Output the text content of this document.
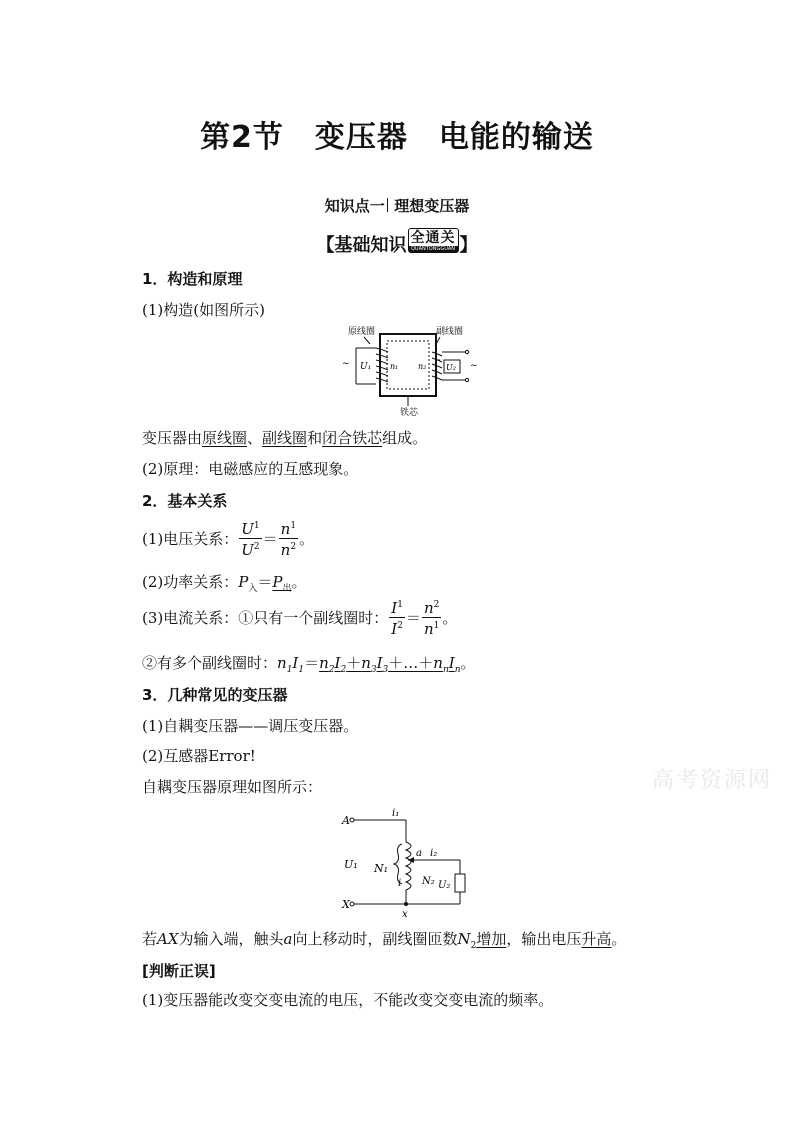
第2节　变压器　电能的输送
知识点一 理想变压器
【基础知识 全通关
QUANTONGGUAN 】
1．构造和原理
(1)构造(如图所示)
~
~
原线圈	副线圈
铁芯
U₁ n₁ n₂ U₂
变压器由原线圈、副线圈和闭合铁芯组成。
(2)原理：电磁感应的互感现象。
2．基本关系
(1)电压关系： $\frac{U^1}{U^2} = \frac{n^1}{n^2}$ 。
(2)功率关系：$P_入=P_出$。
(3)电流关系：①只有一个副线圈时： $\frac{I^1}{I^2} = \frac{n^2}{n^1}$ 。
②有多个副线圈时：$n_1I_1=n_2I_2+n_3I_3+\dots+n_nI_n$。
3．几种常见的变压器
(1)自耦变压器——调压变压器。
(2)互感器Error!
自耦变压器原理如图所示：	高考资源网
A
X
i₁
i₂
U₁ N₁
a
N₂ U₂
i
x
若AX为输入端，触头a向上移动时，副线圈匝数$N_2$增加，输出电压升高。
[判断正误]
(1)变压器能改变交变电流的电压，不能改变交变电流的频率。
